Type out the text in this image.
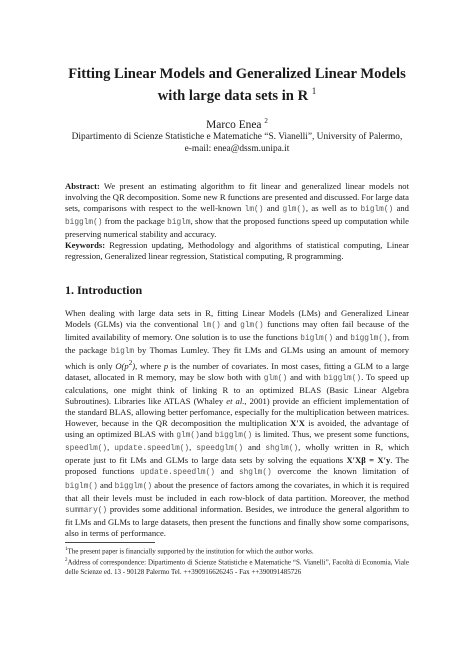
Fitting Linear Models and Generalized Linear Models
with large data sets in R $^1$
Marco Enea $^2$
Dipartimento di Scienze Statistiche e Matematiche “S. Vianelli”, University of Palermo,
e-mail: enea@dssm.unipa.it
Abstract: We present an estimating algorithm to fit linear and generalized linear models not involving the QR decomposition. Some new R functions are presented and discussed. For large data sets, comparisons with respect to the well-known lm() and glm(), as well as to biglm() and bigglm() from the package biglm, show that the proposed functions speed up computation while preserving numerical stability and accuracy.
Keywords: Regression updating, Methodology and algorithms of statistical computing, Linear regression, Generalized linear regression, Statistical computing, R programming.
1. Introduction
When dealing with large data sets in R, fitting Linear Models (LMs) and Generalized Linear Models (GLMs) via the conventional lm() and glm() functions may often fail because of the limited availability of memory. One solution is to use the functions biglm() and bigglm(), from the package biglm by Thomas Lumley. They fit LMs and GLMs using an amount of memory which is only $O(p^2)$, where p is the number of covariates. In most cases, fitting a GLM to a large dataset, allocated in R memory, may be slow both with glm() and with bigglm(). To speed up calculations, one might think of linking R to an optimized BLAS (Basic Linear Algebra Subroutines). Libraries like ATLAS (Whaley et al., 2001) provide an efficient implementation of the standard BLAS, allowing better perfomance, especially for the multiplication between matrices. However, because in the QR decomposition the multiplication X′X is avoided, the advantage of using an optimized BLAS with glm()and bigglm() is limited. Thus, we present some functions, speedlm(), update.speedlm(), speedglm() and shglm(), wholly written in R, which operate just to fit LMs and GLMs to large data sets by solving the equations X′Xβ = X′y. The proposed functions update.speedlm() and shglm() overcome the known limitation of biglm() and bigglm() about the presence of factors among the covariates, in which it is required that all their levels must be included in each row-block of data partition. Moreover, the method summary() provides some additional information. Besides, we introduce the general algorithm to fit LMs and GLMs to large datasets, then present the functions and finally show some comparisons, also in terms of performance.
$^1$The present paper is financially supported by the institution for which the author works.
$^2$Address of correspondence: Dipartimento di Scienze Statistiche e Matematiche “S. Vianelli”, Facoltà di Economia, Viale delle Scienze ed. 13 - 90128 Palermo Tel. ++390916626245 - Fax ++390091485726
